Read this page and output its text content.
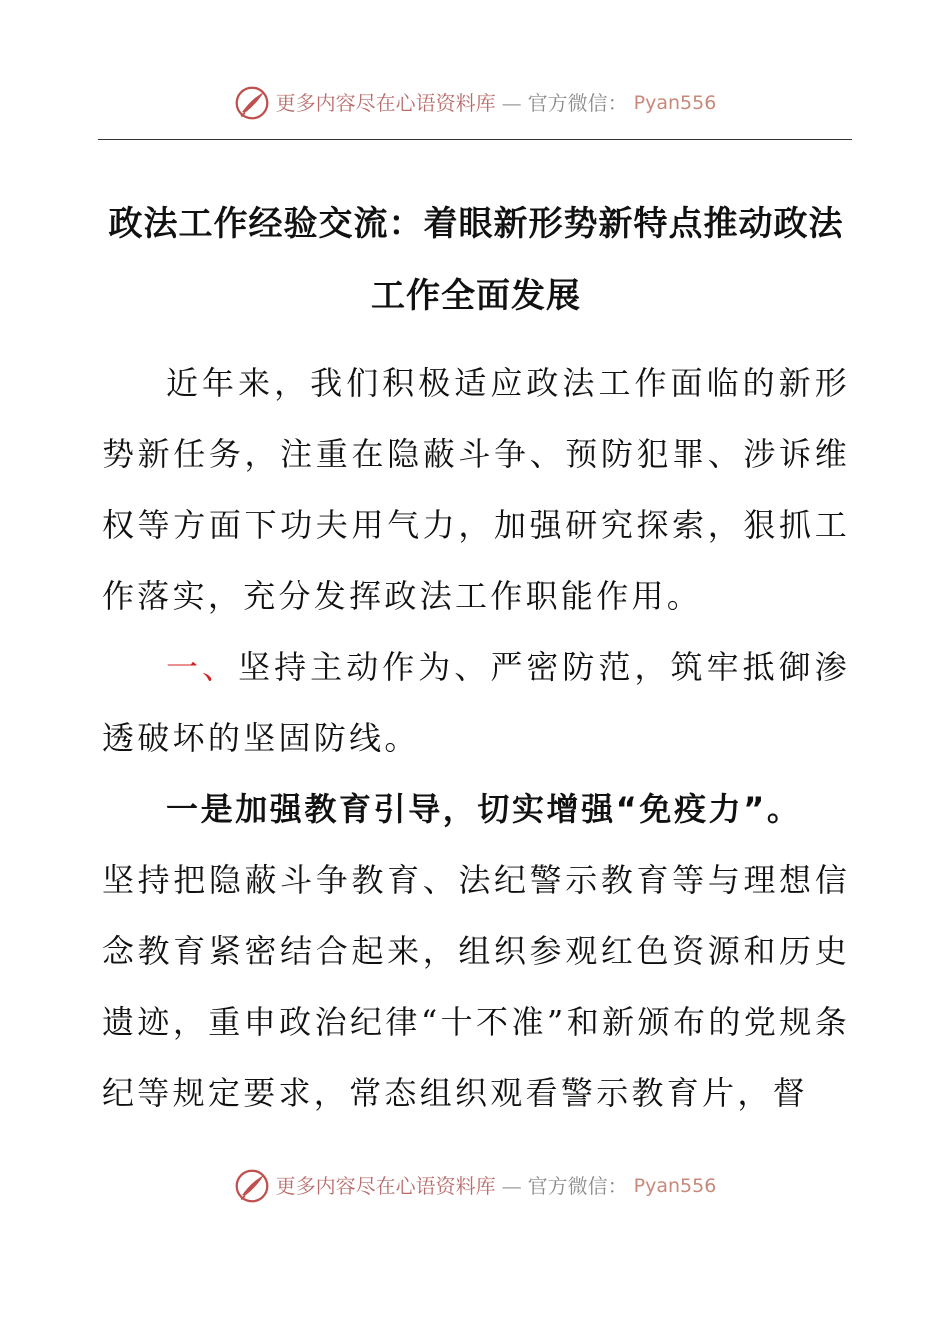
更多内容尽在心语资料库 — 官方微信： Pyan556
政法工作经验交流：着眼新形势新特点推动政法工作全面发展

近年来，我们积极适应政法工作面临的新形势新任务，注重在隐蔽斗争、预防犯罪、涉诉维权等方面下功夫用气力，加强研究探索，狠抓工作落实，充分发挥政法工作职能作用。

一、坚持主动作为、严密防范，筑牢抵御渗透破坏的坚固防线。

一是加强教育引导，切实增强“免疫力”。

坚持把隐蔽斗争教育、法纪警示教育等与理想信念教育紧密结合起来，组织参观红色资源和历史遗迹，重申政治纪律“十不准”和新颁布的党规条纪等规定要求，常态组织观看警示教育片，督

更多内容尽在心语资料库 — 官方微信： Pyan556
